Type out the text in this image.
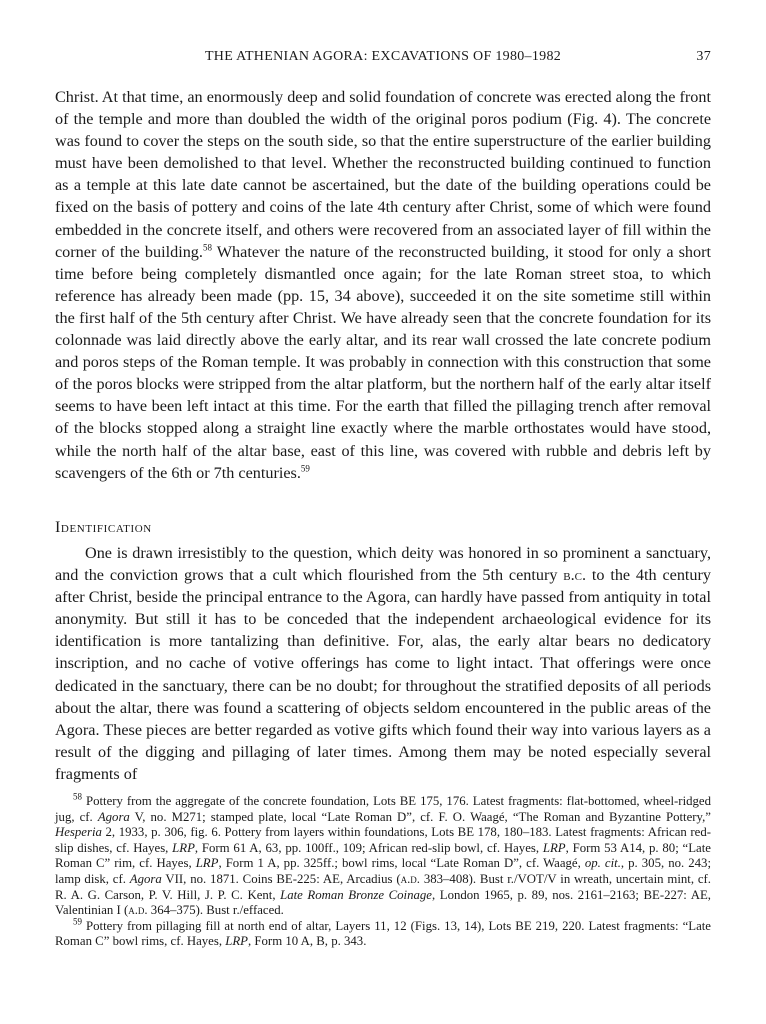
THE ATHENIAN AGORA: EXCAVATIONS OF 1980–1982	37

Christ. At that time, an enormously deep and solid foundation of concrete was erected along the front of the temple and more than doubled the width of the original poros podium (Fig. 4). The concrete was found to cover the steps on the south side, so that the entire superstructure of the earlier building must have been demolished to that level. Whether the reconstructed building continued to function as a temple at this late date cannot be ascertained, but the date of the building operations could be fixed on the basis of pottery and coins of the late 4th century after Christ, some of which were found embedded in the concrete itself, and others were recovered from an associated layer of fill within the corner of the building.$^{58}$ Whatever the nature of the reconstructed building, it stood for only a short time before being completely dismantled once again; for the late Roman street stoa, to which reference has already been made (pp. 15, 34 above), succeeded it on the site sometime still within the first half of the 5th century after Christ. We have already seen that the concrete foundation for its colonnade was laid directly above the early altar, and its rear wall crossed the late concrete podium and poros steps of the Roman temple. It was probably in connection with this construction that some of the poros blocks were stripped from the altar platform, but the northern half of the early altar itself seems to have been left intact at this time. For the earth that filled the pillaging trench after removal of the blocks stopped along a straight line exactly where the marble orthostates would have stood, while the north half of the altar base, east of this line, was covered with rubble and debris left by scavengers of the 6th or 7th centuries.$^{59}$

Identification

One is drawn irresistibly to the question, which deity was honored in so prominent a sanctuary, and the conviction grows that a cult which flourished from the 5th century b.c. to the 4th century after Christ, beside the principal entrance to the Agora, can hardly have passed from antiquity in total anonymity. But still it has to be conceded that the independent archaeological evidence for its identification is more tantalizing than definitive. For, alas, the early altar bears no dedicatory inscription, and no cache of votive offerings has come to light intact. That offerings were once dedicated in the sanctuary, there can be no doubt; for throughout the stratified deposits of all periods about the altar, there was found a scattering of objects seldom encountered in the public areas of the Agora. These pieces are better regarded as votive gifts which found their way into various layers as a result of the digging and pillaging of later times. Among them may be noted especially several fragments of

$^{58}$ Pottery from the aggregate of the concrete foundation, Lots BE 175, 176. Latest fragments: flat-bottomed, wheel-ridged jug, cf. Agora V, no. M271; stamped plate, local “Late Roman D”, cf. F. O. Waagé, “The Roman and Byzantine Pottery,” Hesperia 2, 1933, p. 306, fig. 6. Pottery from layers within foundations, Lots BE 178, 180–183. Latest fragments: African red-slip dishes, cf. Hayes, LRP, Form 61 A, 63, pp. 100ff., 109; African red-slip bowl, cf. Hayes, LRP, Form 53 A14, p. 80; “Late Roman C” rim, cf. Hayes, LRP, Form 1 A, pp. 325ff.; bowl rims, local “Late Roman D”, cf. Waagé, op. cit., p. 305, no. 243; lamp disk, cf. Agora VII, no. 1871. Coins BE-225: AE, Arcadius (a.d. 383–408). Bust r./VOT/V in wreath, uncertain mint, cf. R. A. G. Carson, P. V. Hill, J. P. C. Kent, Late Roman Bronze Coinage, London 1965, p. 89, nos. 2161–2163; BE-227: AE, Valentinian I (a.d. 364–375). Bust r./effaced.

$^{59}$ Pottery from pillaging fill at north end of altar, Layers 11, 12 (Figs. 13, 14), Lots BE 219, 220. Latest fragments: “Late Roman C” bowl rims, cf. Hayes, LRP, Form 10 A, B, p. 343.
